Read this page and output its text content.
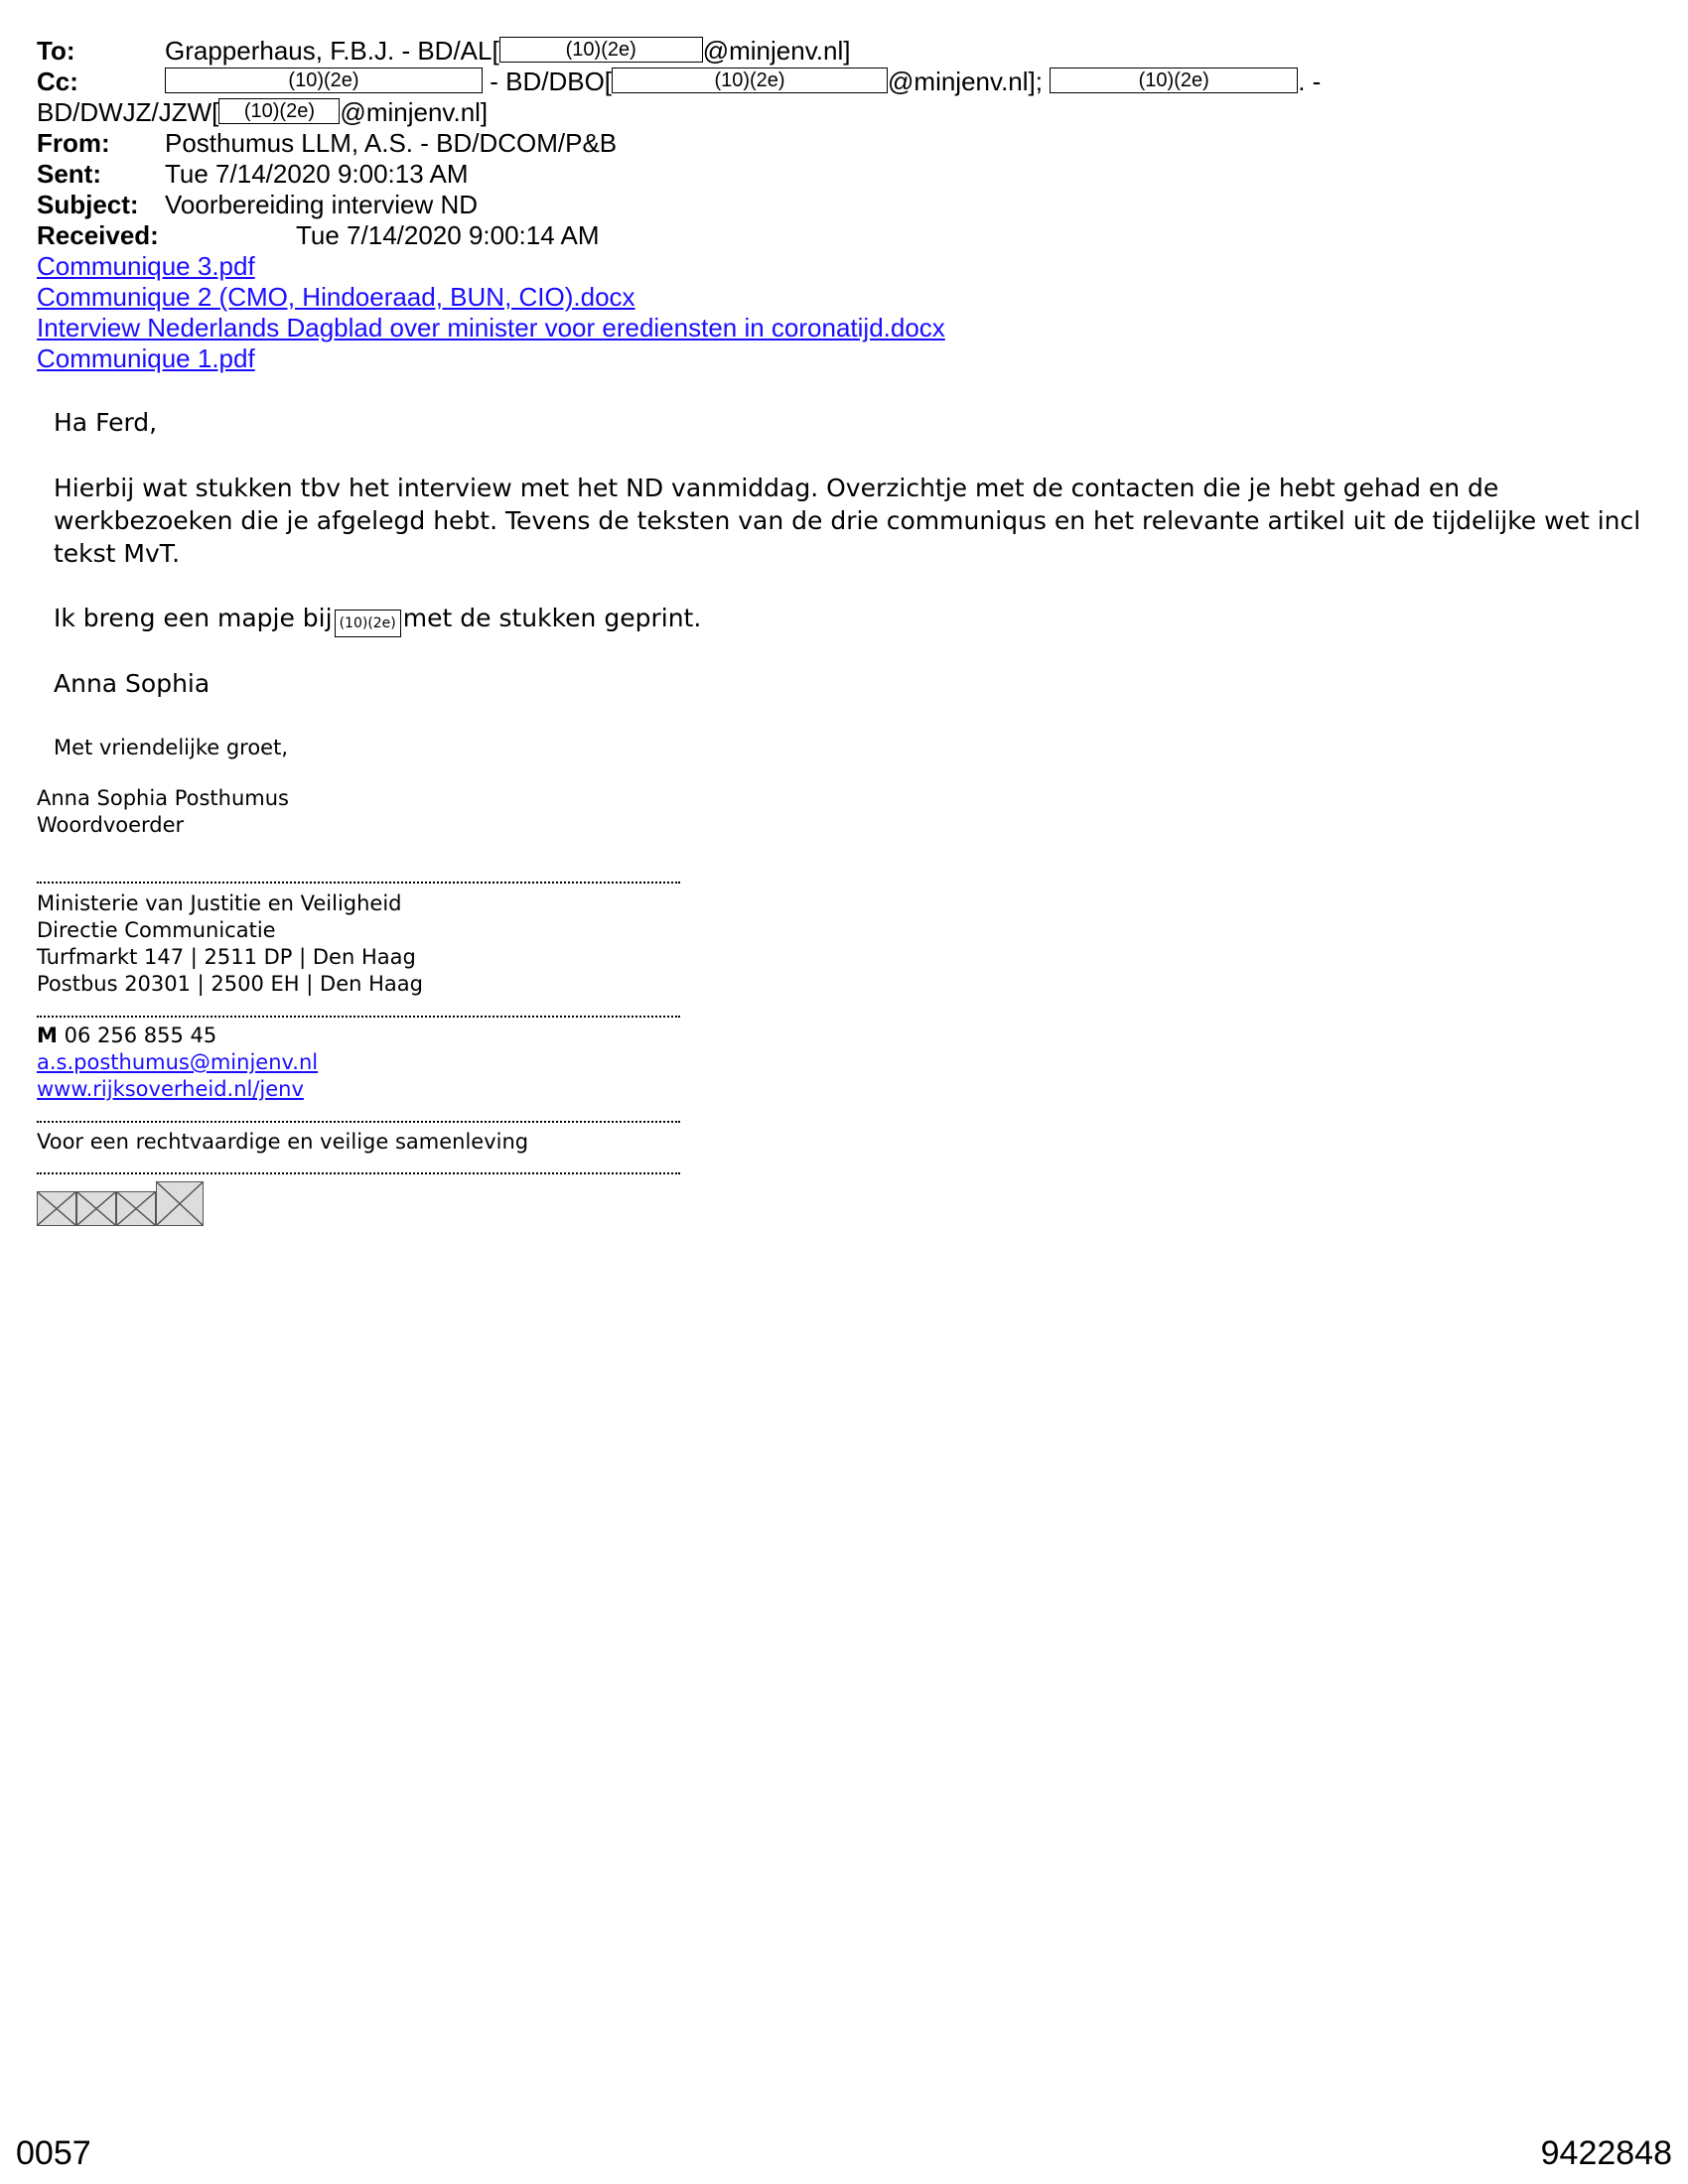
To:	Grapperhaus, F.B.J. - BD/AL[	(10)(2e)	@minjenv.nl]
Cc:	(10)(2e)	- BD/DBO[	(10)(2e)	@minjenv.nl];	(10)(2e)	. -
BD/DWJZ/JZW[ (10)(2e) @minjenv.nl]
From: Posthumus LLM, A.S. - BD/DCOM/P&B
Sent: Tue 7/14/2020 9:00:13 AM
Subject: Voorbereiding interview ND
Received:	Tue 7/14/2020 9:00:14 AM
Communique 3.pdf
Communique 2 (CMO, Hindoeraad, BUN, CIO).docx
Interview Nederlands Dagblad over minister voor erediensten in coronatijd.docx
Communique 1.pdf
Ha Ferd,

Hierbij wat stukken tbv het interview met het ND vanmiddag. Overzichtje met de contacten die je hebt gehad en de werkbezoeken die je afgelegd hebt. Tevens de teksten van de drie communiqus en het relevante artikel uit de tijdelijke wet incl tekst MvT.

Ik breng een mapje bij (10)(2e) met de stukken geprint.
Anna Sophia
Met vriendelijke groet,
Anna Sophia Posthumus
Woordvoerder
Ministerie van Justitie en Veiligheid
Directie Communicatie
Turfmarkt 147 | 2511 DP | Den Haag
Postbus 20301 | 2500 EH | Den Haag
M 06 256 855 45
a.s.posthumus@minjenv.nl
www.rijksoverheid.nl/jenv
Voor een rechtvaardige en veilige samenleving
0057	9422848
